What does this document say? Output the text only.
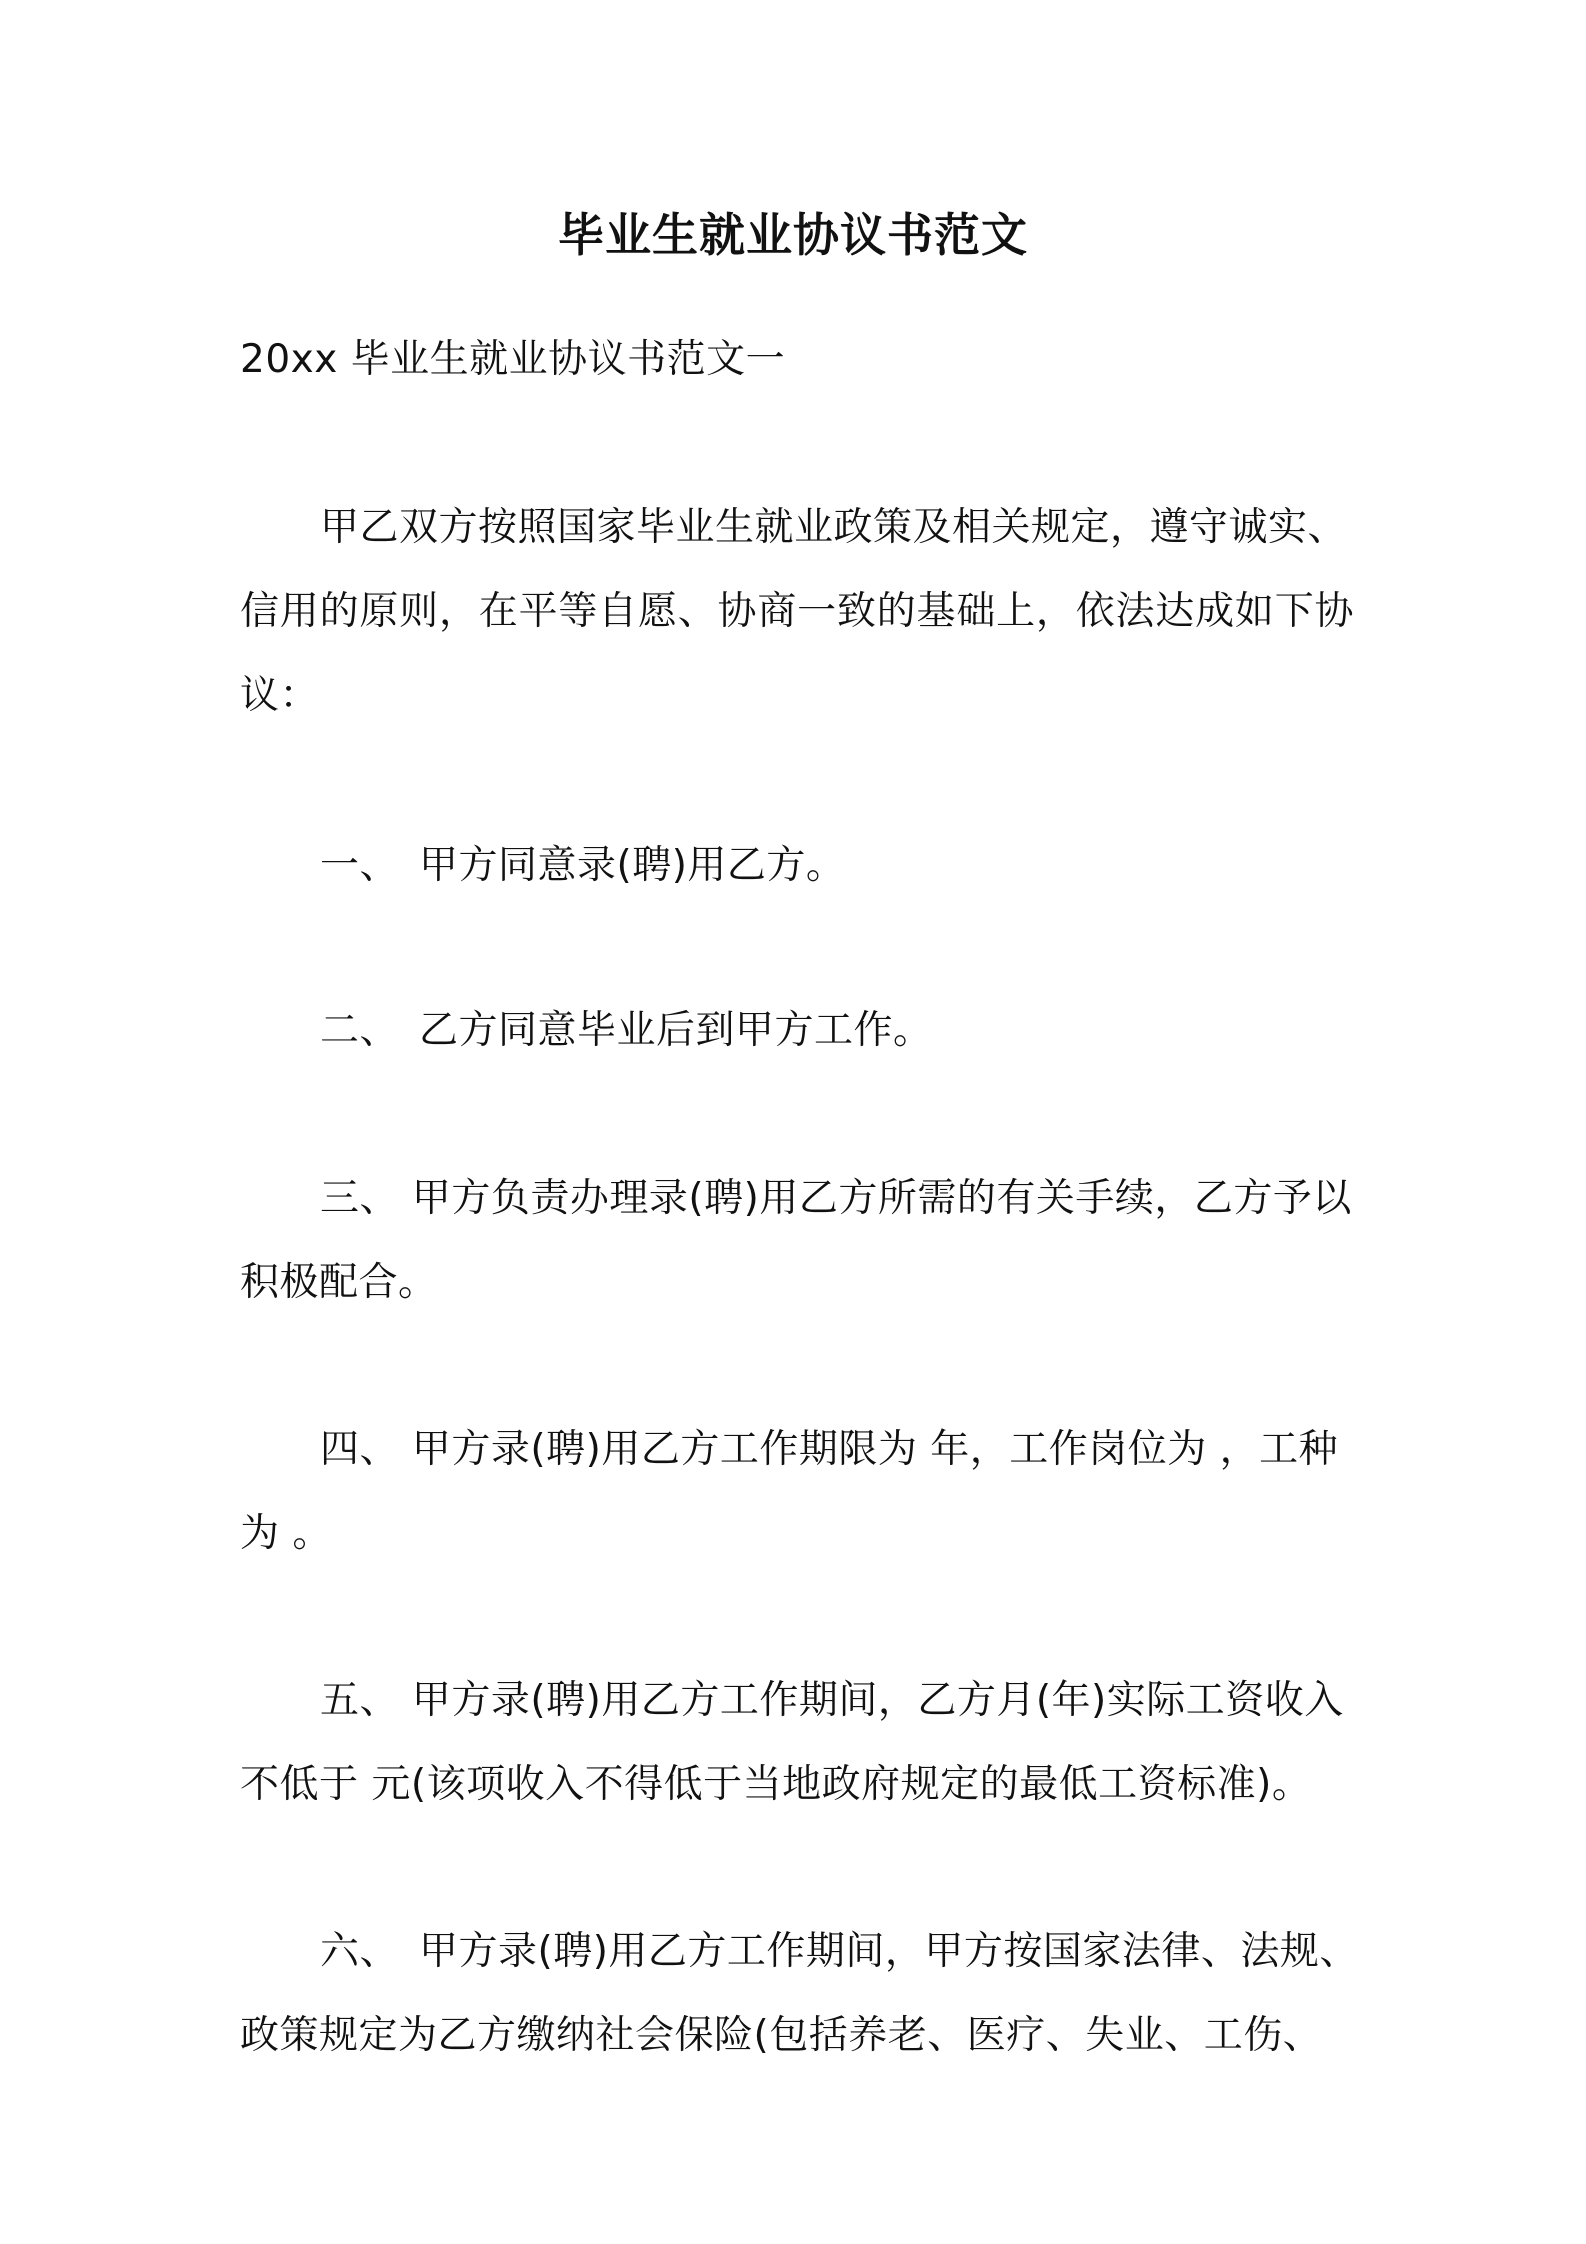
毕业生就业协议书范文
20xx 毕业生就业协议书范文一
甲乙双方按照国家毕业生就业政策及相关规定，遵守诚实、
信用的原则，在平等自愿、协商一致的基础上，依法达成如下协
议：
一、　甲方同意录(聘)用乙方。
二、　乙方同意毕业后到甲方工作。
三、 甲方负责办理录(聘)用乙方所需的有关手续，乙方予以
积极配合。
四、 甲方录(聘)用乙方工作期限为 年，工作岗位为 ，工种
为 。
五、 甲方录(聘)用乙方工作期间，乙方月(年)实际工资收入
不低于 元(该项收入不得低于当地政府规定的最低工资标准)。
六、　甲方录(聘)用乙方工作期间，甲方按国家法律、法规、
政策规定为乙方缴纳社会保险(包括养老、医疗、失业、工伤、
